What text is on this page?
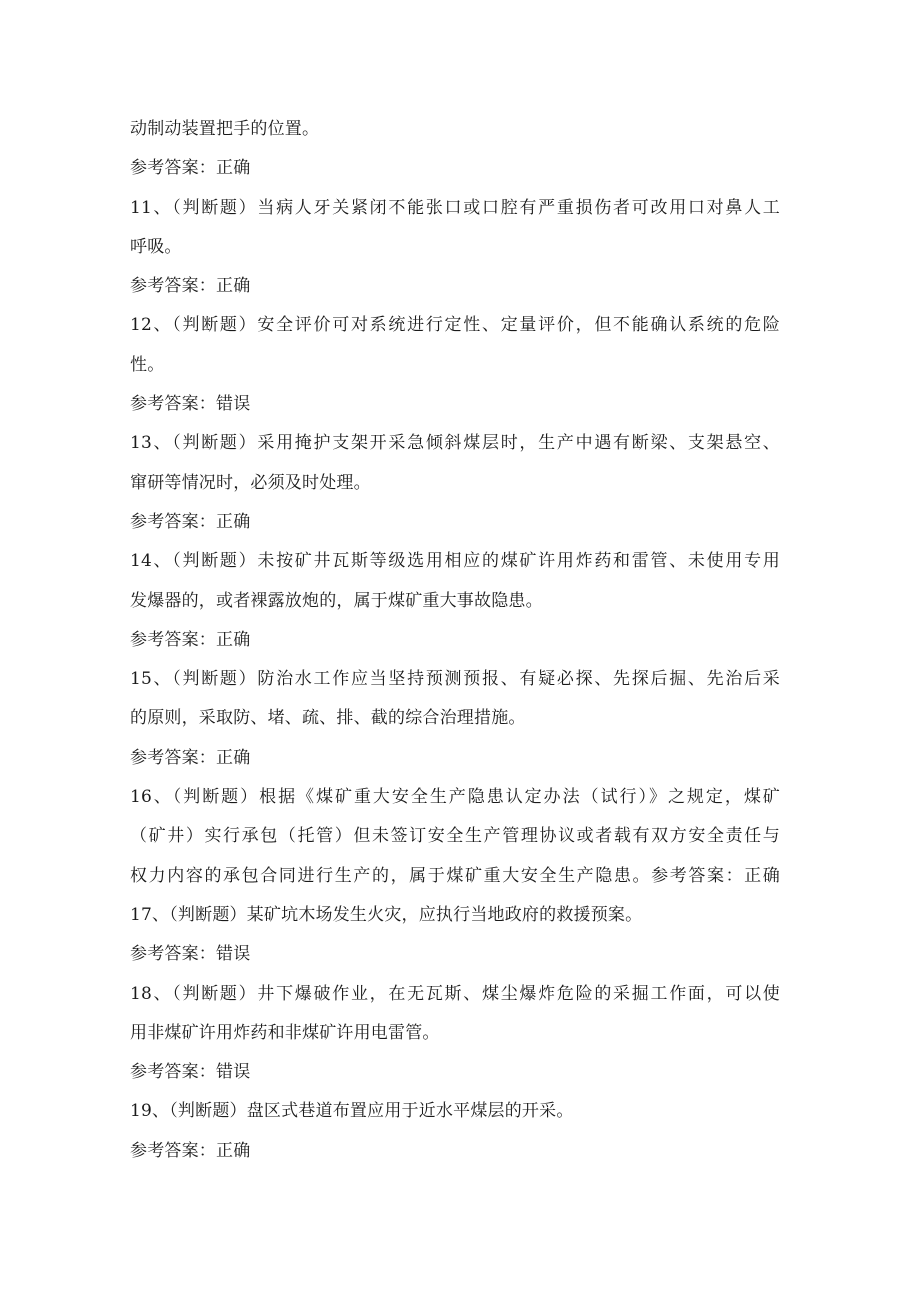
动制动装置把手的位置。
参考答案：正确
11、（判断题）当病人牙关紧闭不能张口或口腔有严重损伤者可改用口对鼻人工
呼吸。
参考答案：正确
12、（判断题）安全评价可对系统进行定性、定量评价，但不能确认系统的危险
性。
参考答案：错误
13、（判断题）采用掩护支架开采急倾斜煤层时，生产中遇有断梁、支架悬空、
窜研等情况时，必须及时处理。
参考答案：正确
14、（判断题）未按矿井瓦斯等级选用相应的煤矿许用炸药和雷管、未使用专用
发爆器的，或者裸露放炮的，属于煤矿重大事故隐患。
参考答案：正确
15、（判断题）防治水工作应当坚持预测预报、有疑必探、先探后掘、先治后采
的原则，采取防、堵、疏、排、截的综合治理措施。
参考答案：正确
16、（判断题）根据《煤矿重大安全生产隐患认定办法（试行）》之规定，煤矿
（矿井）实行承包（托管）但未签订安全生产管理协议或者载有双方安全责任与
权力内容的承包合同进行生产的，属于煤矿重大安全生产隐患。参考答案：正确
17、（判断题）某矿坑木场发生火灾，应执行当地政府的救援预案。
参考答案：错误
18、（判断题）井下爆破作业，在无瓦斯、煤尘爆炸危险的采掘工作面，可以使
用非煤矿许用炸药和非煤矿许用电雷管。
参考答案：错误
19、（判断题）盘区式巷道布置应用于近水平煤层的开采。
参考答案：正确
